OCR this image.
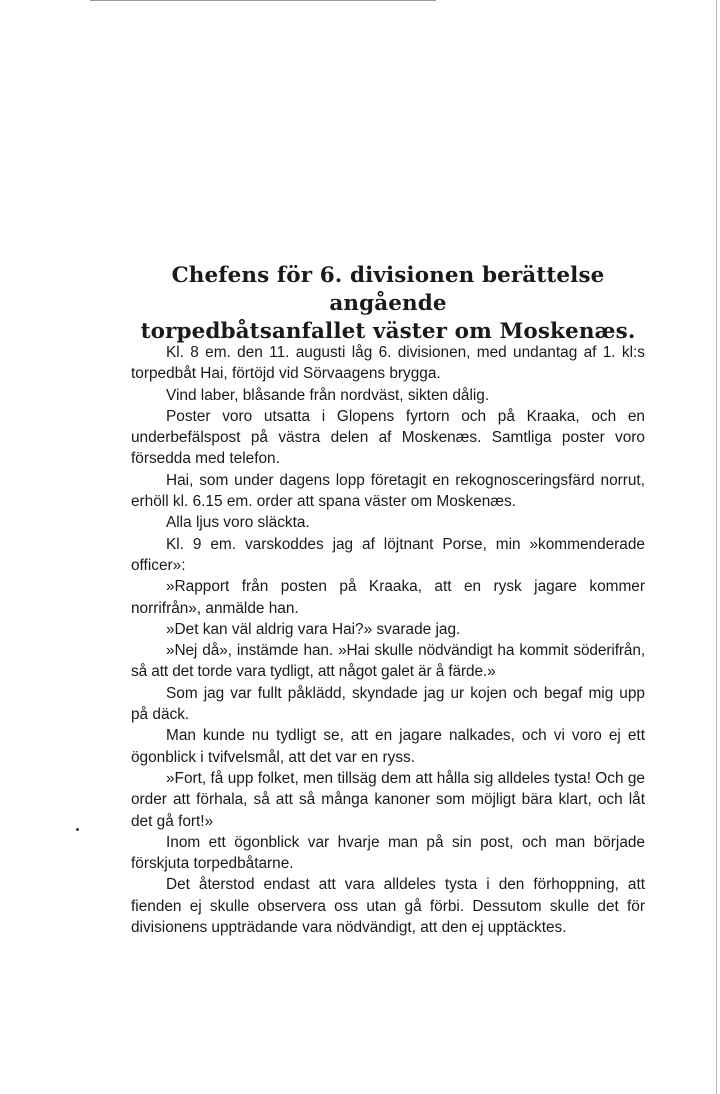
Chefens för 6. divisionen berättelse angående
torpedbåtsanfallet väster om Moskenæs.

Kl. 8 em. den 11. augusti låg 6. divisionen, med undantag af 1. kl:s torpedbåt Hai, förtöjd vid Sörvaagens brygga.

Vind laber, blåsande från nordväst, sikten dålig.

Poster voro utsatta i Glopens fyrtorn och på Kraaka, och en underbefälspost på västra delen af Moskenæs. Samtliga poster voro försedda med telefon.

Hai, som under dagens lopp företagit en rekognosceringsfärd norrut, erhöll kl. 6.15 em. order att spana väster om Moskenæs.

Alla ljus voro släckta.

Kl. 9 em. varskoddes jag af löjtnant Porse, min »kommenderade officer»:

»Rapport från posten på Kraaka, att en rysk jagare kommer norrifrån», anmälde han.

»Det kan väl aldrig vara Hai?» svarade jag.

»Nej då», instämde han. »Hai skulle nödvändigt ha kommit söderifrån, så att det torde vara tydligt, att något galet är å färde.»

Som jag var fullt påklädd, skyndade jag ur kojen och begaf mig upp på däck.

Man kunde nu tydligt se, att en jagare nalkades, och vi voro ej ett ögonblick i tvifvelsmål, att det var en ryss.

»Fort, få upp folket, men tillsäg dem att hålla sig alldeles tysta! Och ge order att förhala, så att så många kanoner som möjligt bära klart, och låt det gå fort!»

Inom ett ögonblick var hvarje man på sin post, och man började förskjuta torpedbåtarne.

Det återstod endast att vara alldeles tysta i den förhoppning, att fienden ej skulle observera oss utan gå förbi. Dessutom skulle det för divisionens uppträdande vara nödvändigt, att den ej upptäcktes.
